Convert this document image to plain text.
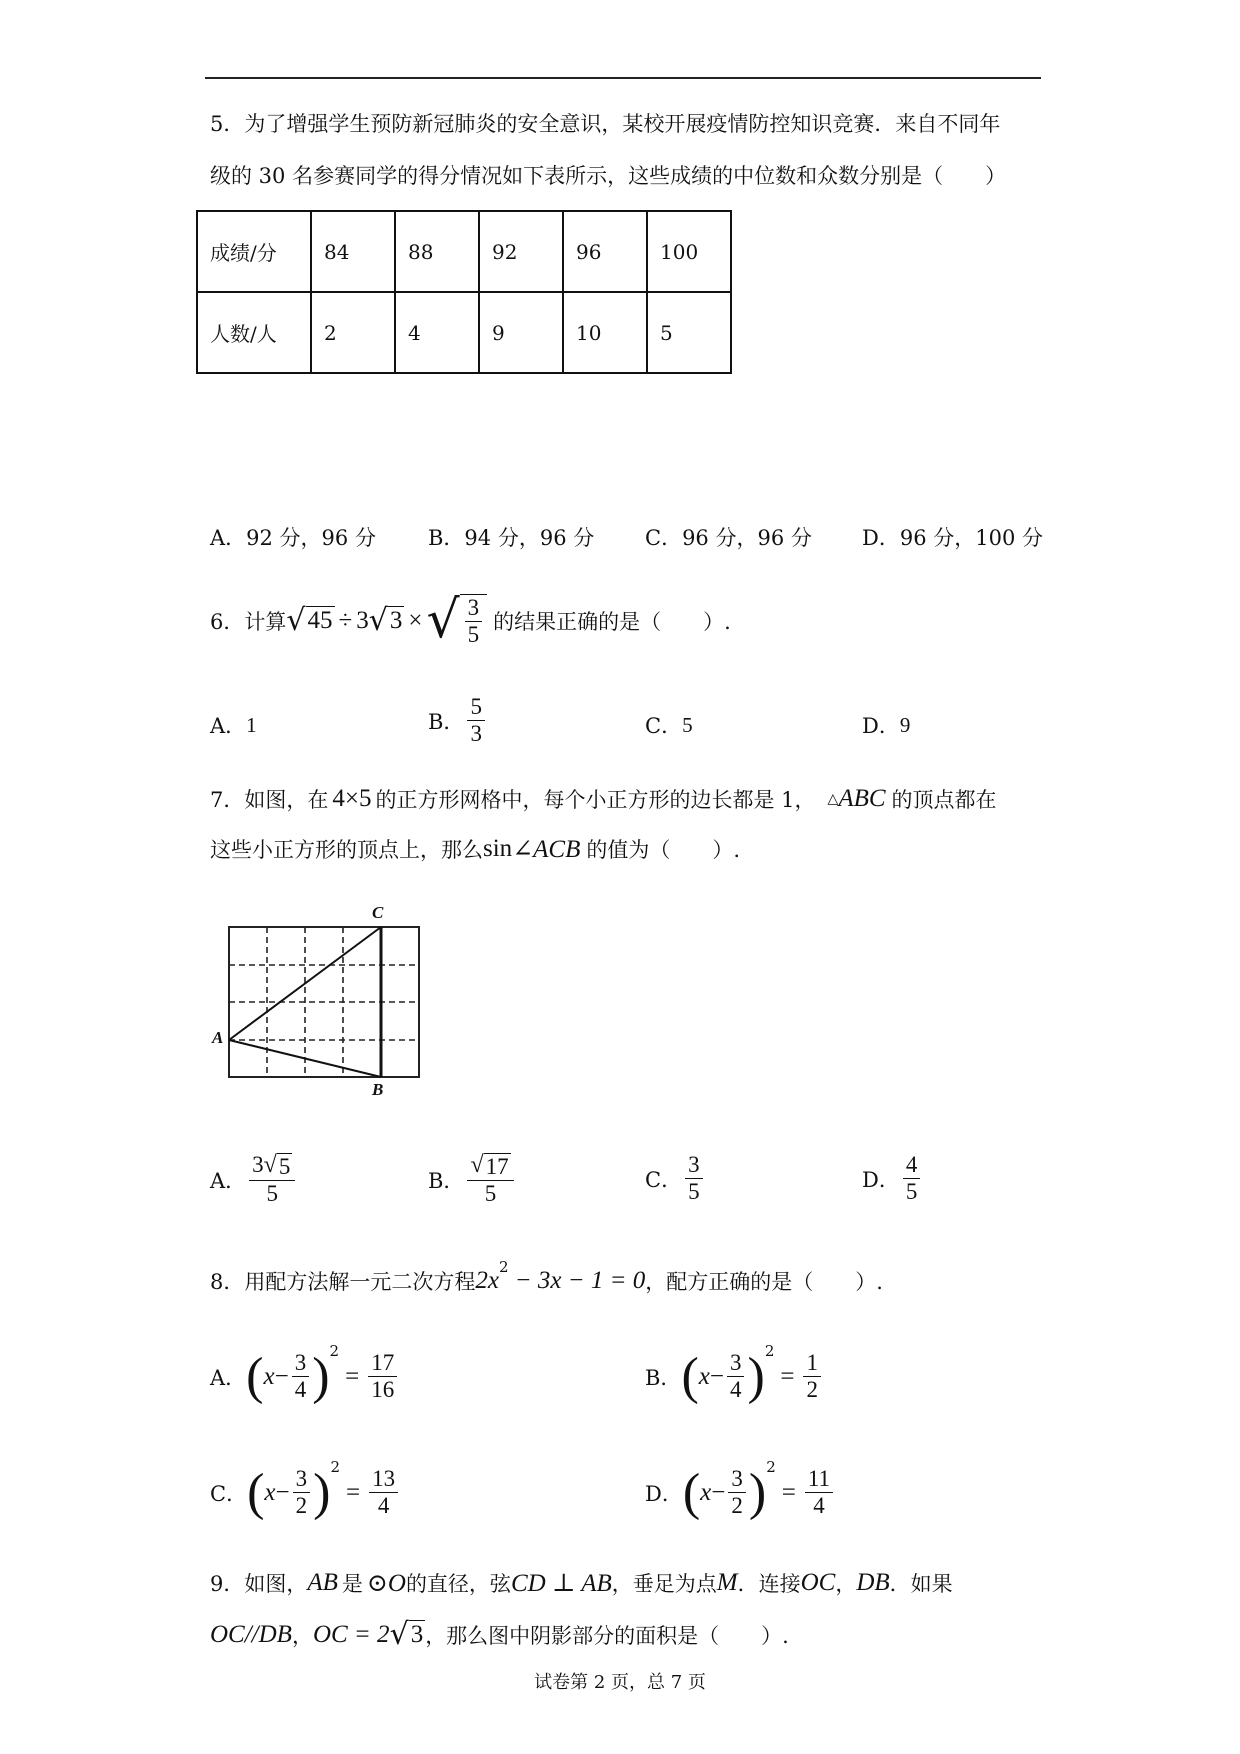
5．为了增强学生预防新冠肺炎的安全意识，某校开展疫情防控知识竞赛．来自不同年
级的 30 名参赛同学的得分情况如下表所示，这些成绩的中位数和众数分别是（　　）
成绩/分	84	88	92	96	100
人数/人	2	4	9	10	5
A．92 分，96 分 B．94 分，96 分 C．96 分，96 分 D．96 分，100 分
6．计算 √ 45 ÷ 3 √ 3 × √ $\frac{3}{5}$ 的结果正确的是（　　）.
A． 1	B． $\frac{5}{3}$	C． 5	D． 9
7．如图，在 4×5 的正方形网格中，每个小正方形的边长都是 1， △ ABC 的顶点都在
这些小正方形的顶点上，那么 sin ∠ACB 的值为（　　）.
A
B
C
A． $\frac{3 √ 5}{5}$	B． $\frac{√ 17}{5}$	C． $\frac{3}{5}$	D． $\frac{4}{5}$
8．用配方法解一元二次方程 2x 2 − 3x − 1 = 0 ，配方正确的是（　　）.
A． ( $x - \frac{3}{4}$ ) 2
= $\frac{17}{16}$	B． ( $x - \frac{3}{4}$ ) 2
= $\frac{1}{2}$
C． ( $x - \frac{3}{2}$ ) 2
= $\frac{13}{4}$	D． ( $x - \frac{3}{2}$ ) 2
= $\frac{11}{4}$
9．如图， AB 是 ⊙O 的直径，弦 CD ⊥ AB ，垂足为点 M ．连接 OC ， DB ．如果
OC//DB ， OC = 2 √ 3 ，那么图中阴影部分的面积是（　　）.
试卷第 2 页，总 7 页
